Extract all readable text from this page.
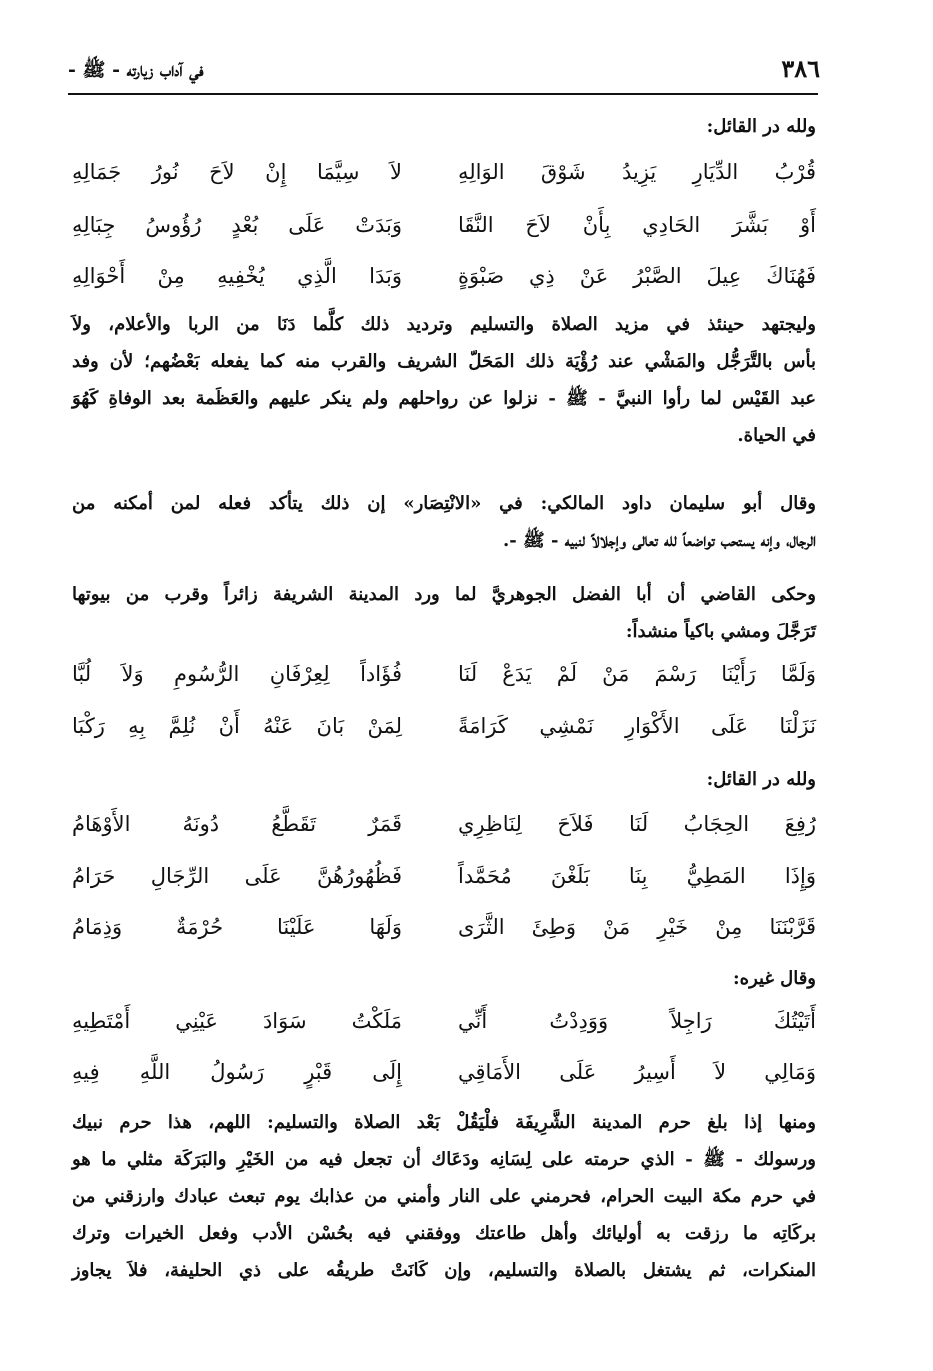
٣٨٦
في آداب زيارته - ﷺ -
ولله در القائل:
قُرْبُ الدِّيَارِ يَزِيدُ شَوْقَ الوَالِهِ
لاَ سِيَّمَا إِنْ لاَحَ نُورُ جَمَالِهِ
أَوْ بَشَّرَ الحَادِي بِأَنْ لاَحَ النَّقَا
وَبَدَتْ عَلَى بُعْدٍ رُؤُوسُ جِبَالِهِ
فَهُنَاكَ عِيلَ الصَّبْرُ عَنْ ذِي صَبْوَةٍ
وَبَدَا الَّذِي يُخْفِيهِ مِنْ أَحْوَالِهِ
وليجتهد حينئذ في مزيد الصلاة والتسليم وترديد ذلك كلَّما دَنَا من الربا والأعلام، ولاَ
بأس بالتَّرَجُّل والمَشْي عند رُؤْيَة ذلك المَحَلّ الشريف والقرب منه كما يفعله بَعْضُهم؛ لأن وفد
عبد القَيْس لما رأوا النبيَّ - ﷺ - نزلوا عن رواحلهم ولم ينكر عليهم والعَظَمة بعد الوفاةِ كَهُوَ
في الحياة.
وقال أبو سليمان داود المالكي: في «الانْتِصَار» إن ذلك يتأكد فعله لمن أمكنه من
الرجال، وإنه يستحب تواضعاً لله تعالى وإجلالاً لنبيه - ﷺ -.
وحكى القاضي أن أبا الفضل الجوهريَّ لما ورد المدينة الشريفة زائراً وقرب من بيوتها
تَرَجَّلَ ومشي باكياً منشداً:
وَلَمَّا رَأَيْنَا رَسْمَ مَنْ لَمْ يَدَعْ لَنَا
فُؤَاداً لِعِرْفَانِ الرُّسُومِ وَلاَ لُبَّا
نَزَلْنَا عَلَى الأَكْوَارِ نَمْشِي كَرَامَةً
لِمَنْ بَانَ عَنْهُ أَنْ نُلِمَّ بِهِ رَكْبَا
ولله در القائل:
رُفِعَ الحِجَابُ لَنَا فَلاَحَ لِنَاظِرِي
قَمَرٌ تَقَطَّعُ دُونَهُ الأَوْهَامُ
وَإِذَا المَطِيُّ بِنَا بَلَغْنَ مُحَمَّداً
فَظُهُورُهُنَّ عَلَى الرِّجَالِ حَرَامُ
قَرَّبْنَنَا مِنْ خَيْرِ مَنْ وَطِئَ الثَّرَى
وَلَهَا عَلَيْنَا حُرْمَةٌ وَذِمَامُ
وقال غيره:
أَتَيْتُكَ رَاجِلاً وَوَدِدْتُ أَنِّي
مَلَكْتُ سَوَادَ عَيْنِي أَمْتَطِيهِ
وَمَالِي لاَ أَسِيرُ عَلَى الأَمَاقِي
إِلَى قَبْرٍ رَسُولُ اللَّهِ فِيهِ
ومنها إذا بلغ حرم المدينة الشَّرِيفَة فلْيَقُلْ بَعْد الصلاة والتسليم: اللهم، هذا حرم نبيك
ورسولك - ﷺ - الذي حرمته على لِسَانِه ودَعَاك أن تجعل فيه من الخَيْرِ والبَرَكَة مثلي ما هو
في حرم مكة البيت الحرام، فحرمني على النار وأمني من عذابك يوم تبعث عبادك وارزقني من
بركَاتِه ما رزقت به أوليائك وأهل طاعتك ووفقني فيه بحُسْن الأدب وفعل الخيرات وترك
المنكرات، ثم يشتغل بالصلاة والتسليم، وإن كَانَتْ طريقُه على ذي الحليفة، فلاَ يجاوز
